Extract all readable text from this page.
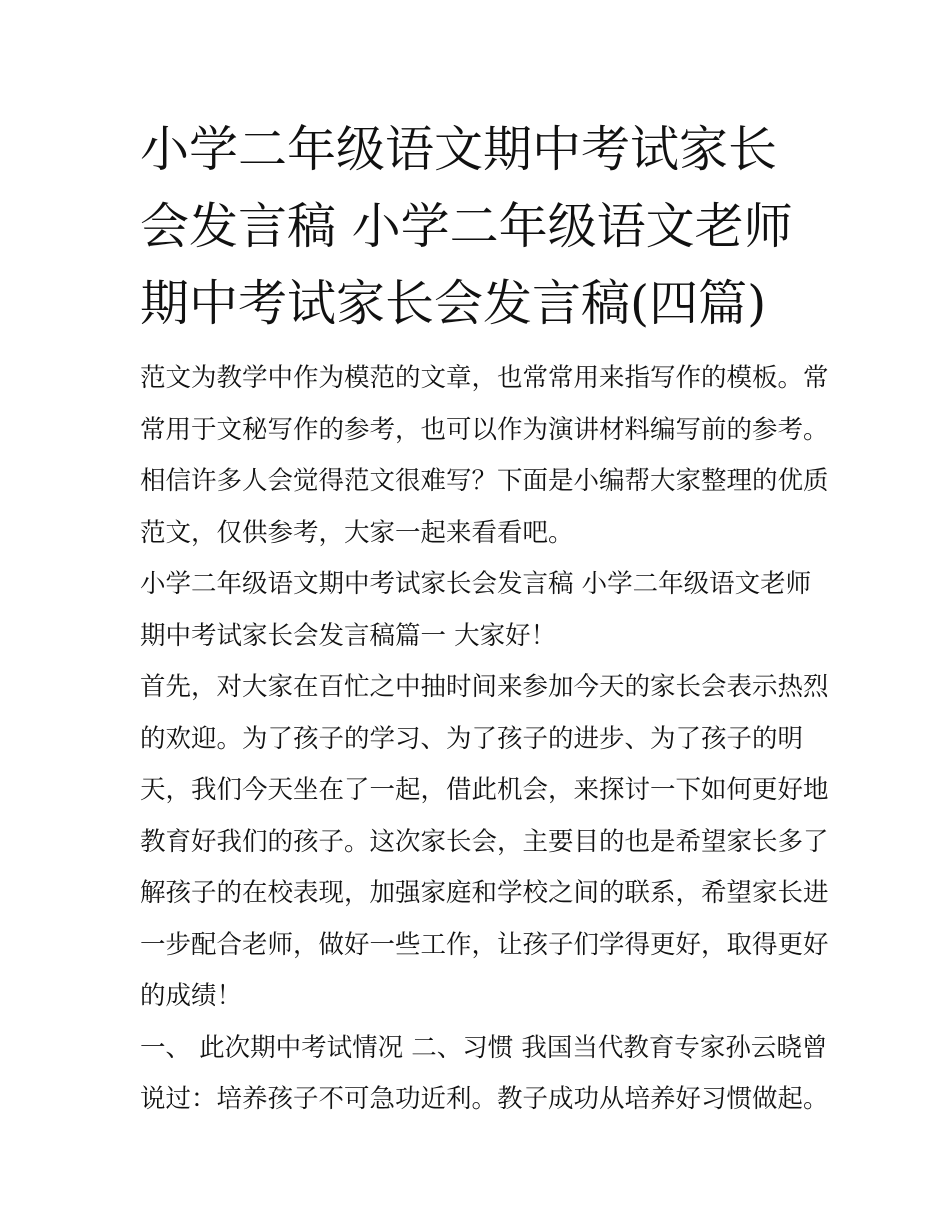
小学二年级语文期中考试家长
会发言稿 小学二年级语文老师
期中考试家长会发言稿(四篇)
范文为教学中作为模范的文章，也常常用来指写作的模板。常
常用于文秘写作的参考，也可以作为演讲材料编写前的参考。
相信许多人会觉得范文很难写？下面是小编帮大家整理的优质
范文，仅供参考，大家一起来看看吧。
小学二年级语文期中考试家长会发言稿 小学二年级语文老师
期中考试家长会发言稿篇一 大家好！
首先，对大家在百忙之中抽时间来参加今天的家长会表示热烈
的欢迎。为了孩子的学习、为了孩子的进步、为了孩子的明
天，我们今天坐在了一起，借此机会，来探讨一下如何更好地
教育好我们的孩子。这次家长会，主要目的也是希望家长多了
解孩子的在校表现，加强家庭和学校之间的联系，希望家长进
一步配合老师，做好一些工作，让孩子们学得更好，取得更好
的成绩！
一、 此次期中考试情况 二、习惯 我国当代教育专家孙云晓曾
说过：培养孩子不可急功近利。教子成功从培养好习惯做起。
